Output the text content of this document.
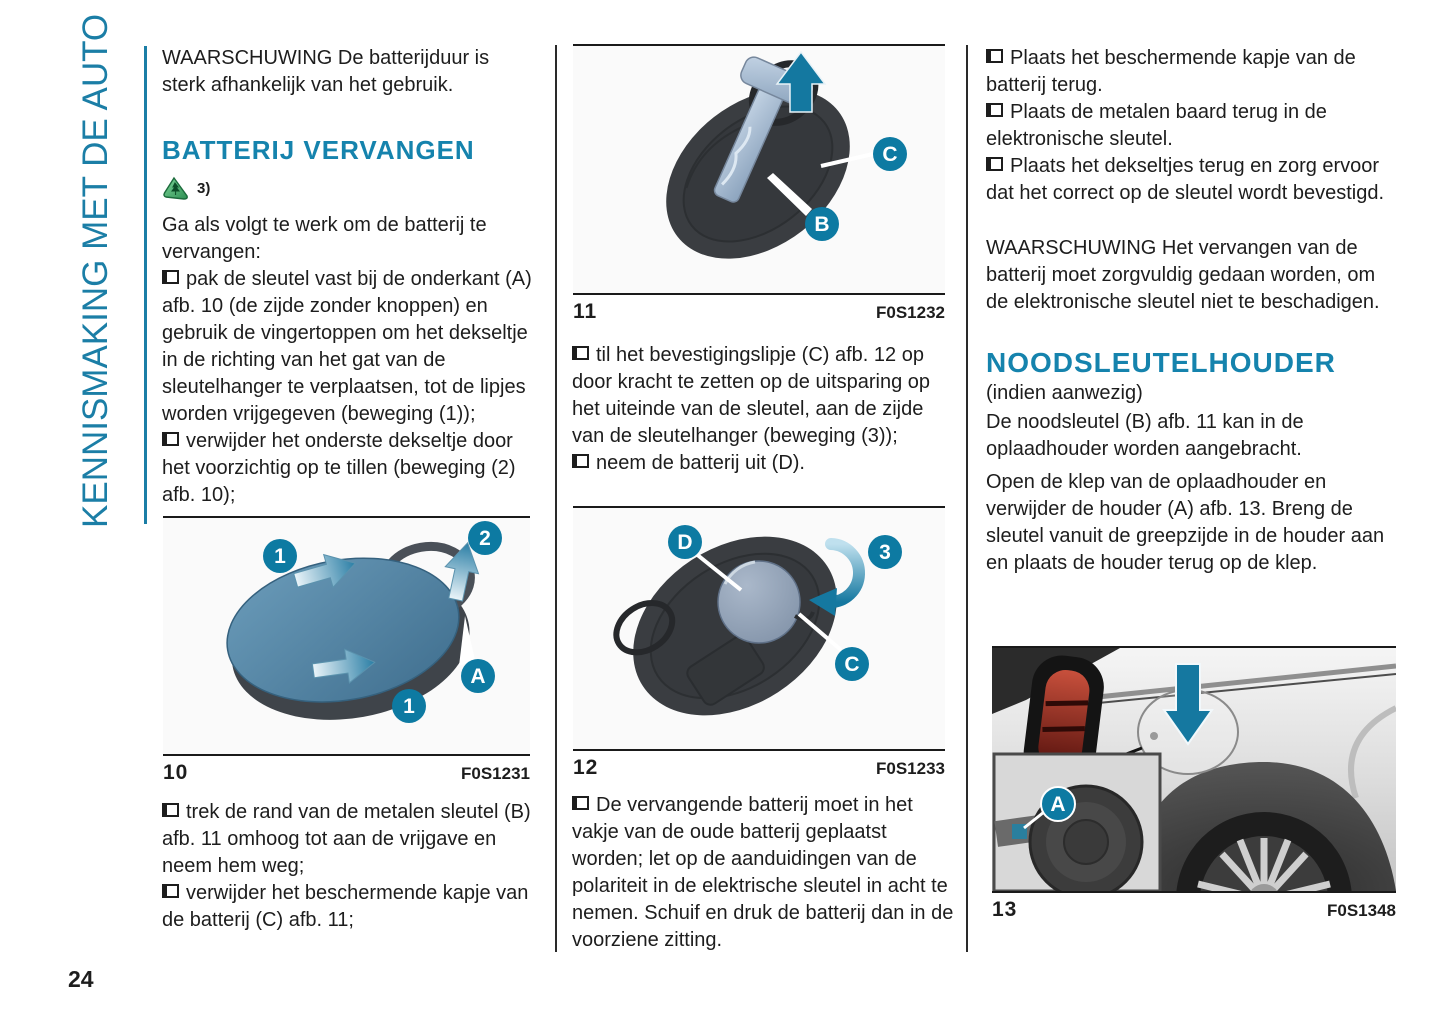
KENNISMAKING MET DE AUTO WAARSCHUWING De batterijduur is sterk afhankelijk van het gebruik.

BATTERIJ VERVANGEN
3)

Ga als volgt te werk om de batterij te vervangen:

pak de sleutel vast bij de onderkant (A) afb. 10 (de zijde zonder knoppen) en gebruik de vingertoppen om het dekseltje in de richting van het gat van de sleutelhanger te verplaatsen, tot de lipjes worden vrijgegeven (beweging (1));

verwijder het onderste dekseltje door het voorzichtig op te tillen (beweging (2) afb. 10);

1
2
1
A
10	F0S1231

trek de rand van de metalen sleutel (B) afb. 11 omhoog tot aan de vrijgave en neem hem weg;

verwijder het beschermende kapje van de batterij (C) afb. 11;

C
B
11	F0S1232

til het bevestigingslipje (C) afb. 12 op door kracht te zetten op de uitsparing op het uiteinde van de sleutel, aan de zijde van de sleutelhanger (beweging (3));

neem de batterij uit (D).

D
C
3
12	F0S1233

De vervangende batterij moet in het vakje van de oude batterij geplaatst worden; let op de aanduidingen van de polariteit in de elektrische sleutel in acht te nemen. Schuif en druk de batterij dan in de voorziene zitting.

Plaats het beschermende kapje van de batterij terug.

Plaats de metalen baard terug in de elektronische sleutel.

Plaats het dekseltjes terug en zorg ervoor dat het correct op de sleutel wordt bevestigd.

WAARSCHUWING Het vervangen van de batterij moet zorgvuldig gedaan worden, om de elektronische sleutel niet te beschadigen.

NOODSLEUTELHOUDER

(indien aanwezig)

De noodsleutel (B) afb. 11 kan in de oplaadhouder worden aangebracht.

Open de klep van de oplaadhouder en verwijder de houder (A) afb. 13. Breng de sleutel vanuit de greepzijde in de houder aan en plaats de houder terug op de klep.

A
13	F0S1348
24
